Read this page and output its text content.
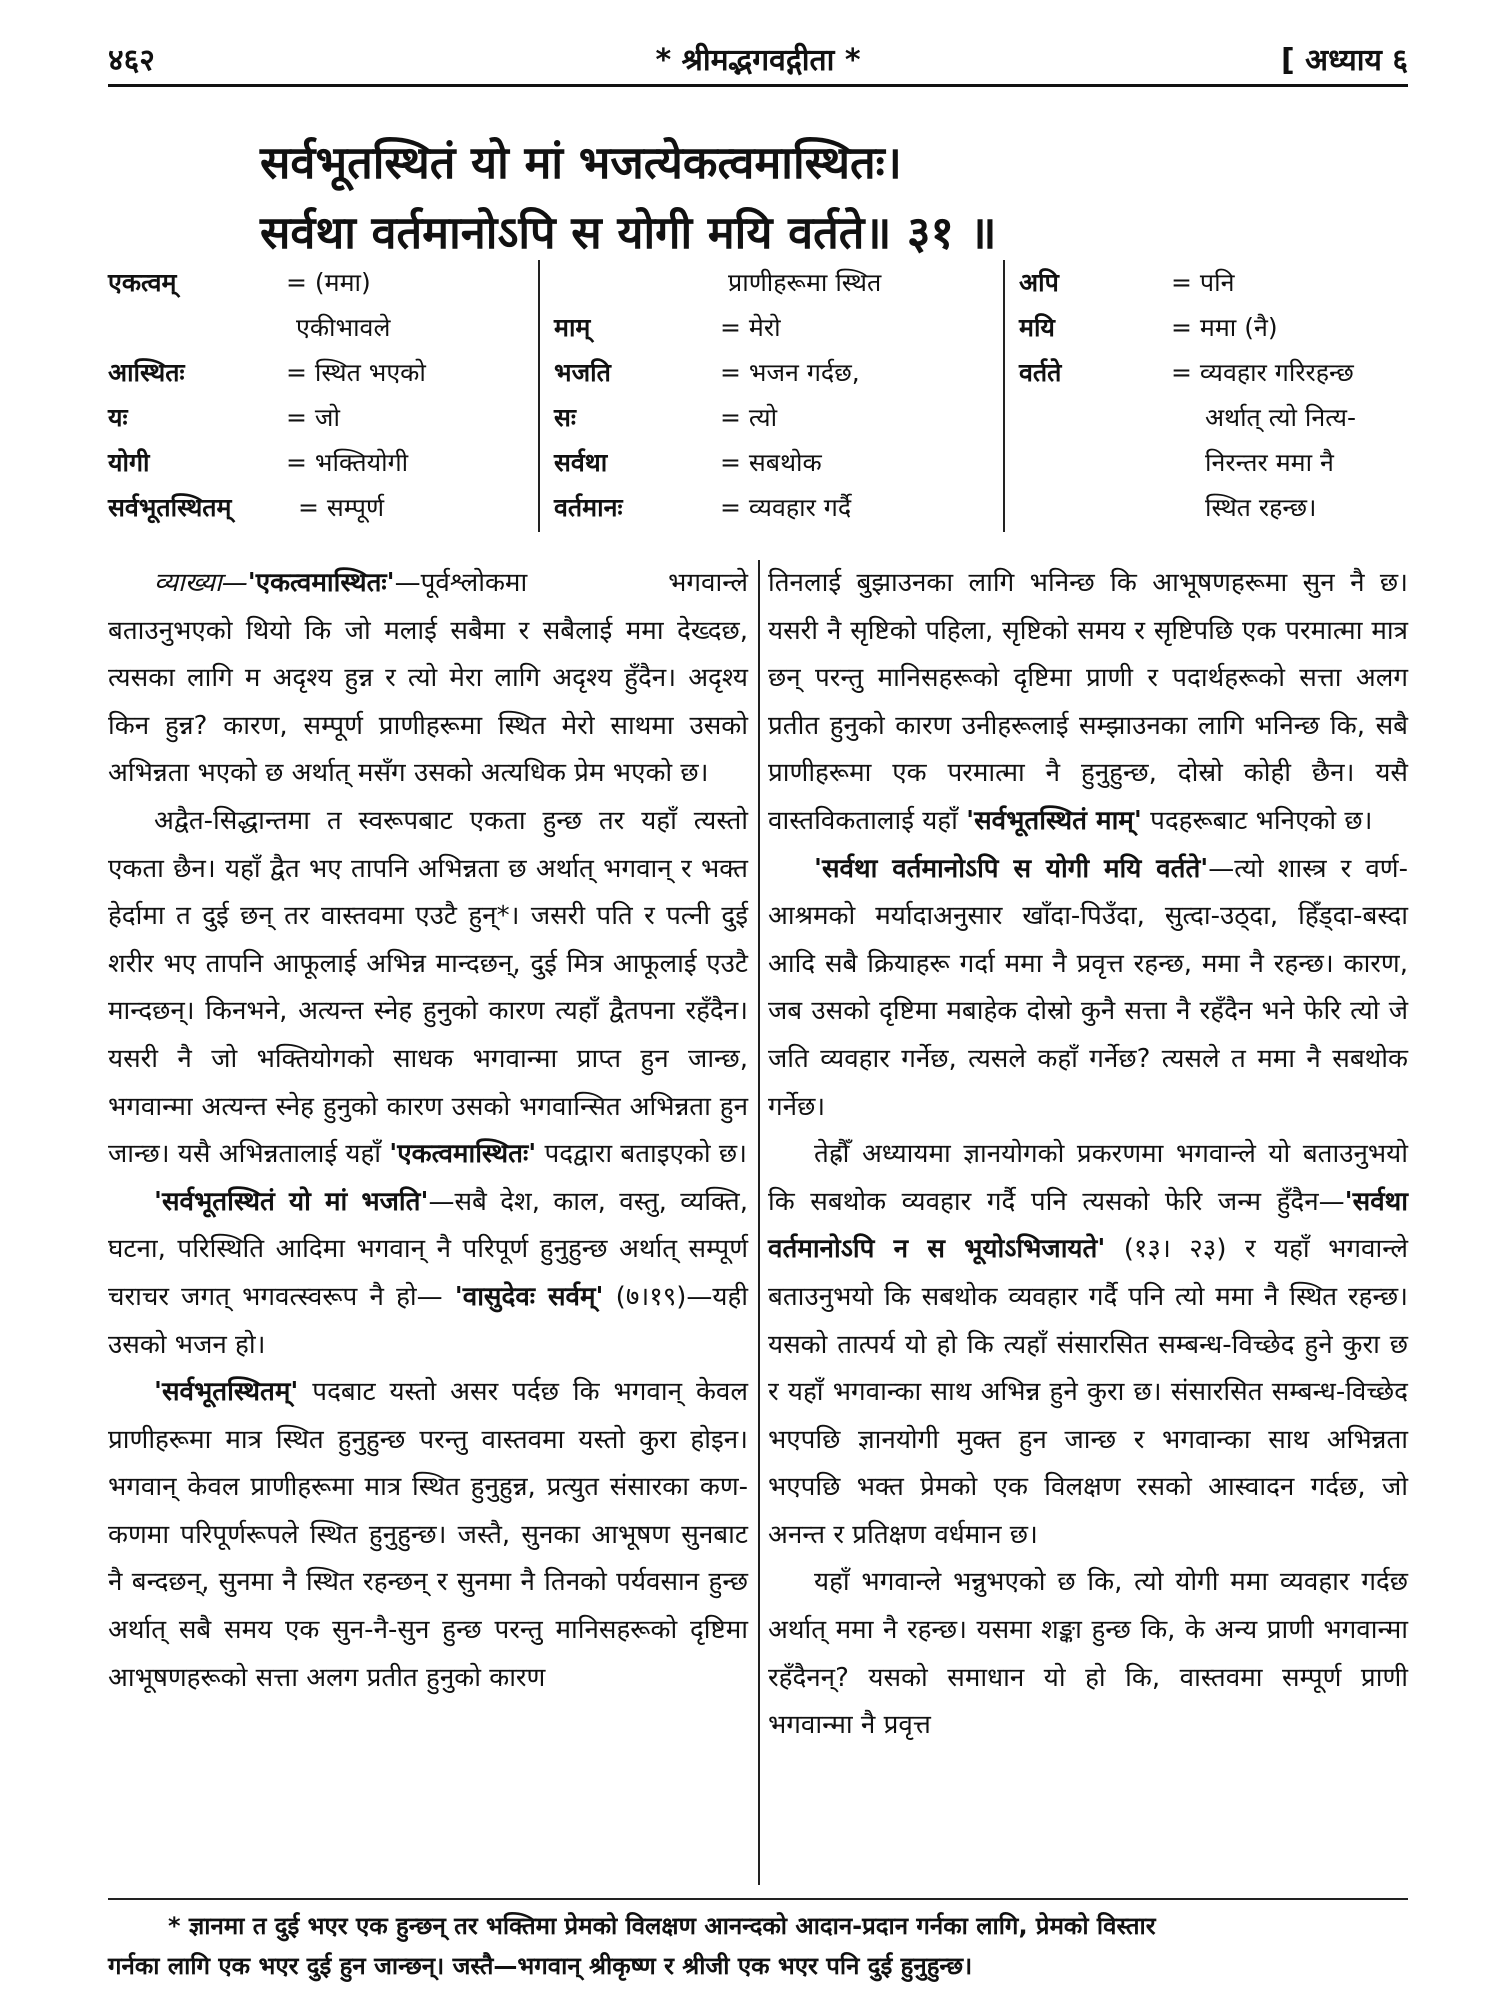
४६२	* श्रीमद्भगवद्गीता *	[ अध्याय ६
सर्वभूतस्थितं यो मां भजत्येकत्वमास्थितः।
सर्वथा वर्तमानोऽपि स योगी मयि वर्तते॥ ३१ ॥
एकत्वम्	= (ममा)
एकीभावले
आस्थितः	= स्थित भएको
यः	= जो
योगी	= भक्तियोगी
सर्वभूतस्थितम्	= सम्पूर्ण
प्राणीहरूमा स्थित
माम्	= मेरो
भजति	= भजन गर्दछ,
सः	= त्यो
सर्वथा	= सबथोक
वर्तमानः	= व्यवहार गर्दै
अपि	= पनि
मयि	= ममा (नै)
वर्तते	= व्यवहार गरिरहन्छ
अर्थात् त्यो नित्य-
निरन्तर ममा नै
स्थित रहन्छ।

व्याख्या—'एकत्वमास्थितः'—पूर्वश्लोकमा भगवान्ले बताउनुभएको थियो कि जो मलाई सबैमा र सबैलाई ममा देख्दछ, त्यसका लागि म अदृश्य हुन्न र त्यो मेरा लागि अदृश्य हुँदैन। अदृश्य किन हुन्न? कारण, सम्पूर्ण प्राणीहरूमा स्थित मेरो साथमा उसको अभिन्नता भएको छ अर्थात् मसँग उसको अत्यधिक प्रेम भएको छ।

अद्वैत-सिद्धान्तमा त स्वरूपबाट एकता हुन्छ तर यहाँ त्यस्तो एकता छैन। यहाँ द्वैत भए तापनि अभिन्नता छ अर्थात् भगवान् र भक्त हेर्दामा त दुई छन् तर वास्तवमा एउटै हुन्*। जसरी पति र पत्नी दुई शरीर भए तापनि आफूलाई अभिन्न मान्दछन्, दुई मित्र आफूलाई एउटै मान्दछन्। किनभने, अत्यन्त स्नेह हुनुको कारण त्यहाँ द्वैतपना रहँदैन। यसरी नै जो भक्तियोगको साधक भगवान्मा प्राप्त हुन जान्छ, भगवान्मा अत्यन्त स्नेह हुनुको कारण उसको भगवान्सित अभिन्नता हुन जान्छ। यसै अभिन्नतालाई यहाँ 'एकत्वमास्थितः' पदद्वारा बताइएको छ।

'सर्वभूतस्थितं यो मां भजति'—सबै देश, काल, वस्तु, व्यक्ति, घटना, परिस्थिति आदिमा भगवान् नै परिपूर्ण हुनुहुन्छ अर्थात् सम्पूर्ण चराचर जगत् भगवत्स्वरूप नै हो— 'वासुदेवः सर्वम्' (७।१९)—यही उसको भजन हो।

'सर्वभूतस्थितम्' पदबाट यस्तो असर पर्दछ कि भगवान् केवल प्राणीहरूमा मात्र स्थित हुनुहुन्छ परन्तु वास्तवमा यस्तो कुरा होइन। भगवान् केवल प्राणीहरूमा मात्र स्थित हुनुहुन्न, प्रत्युत संसारका कण-कणमा परिपूर्णरूपले स्थित हुनुहुन्छ। जस्तै, सुनका आभूषण सुनबाट नै बन्दछन्, सुनमा नै स्थित रहन्छन् र सुनमा नै तिनको पर्यवसान हुन्छ अर्थात् सबै समय एक सुन-नै-सुन हुन्छ परन्तु मानिसहरूको दृष्टिमा आभूषणहरूको सत्ता अलग प्रतीत हुनुको कारण

तिनलाई बुझाउनका लागि भनिन्छ कि आभूषणहरूमा सुन नै छ। यसरी नै सृष्टिको पहिला, सृष्टिको समय र सृष्टिपछि एक परमात्मा मात्र छन् परन्तु मानिसहरूको दृष्टिमा प्राणी र पदार्थहरूको सत्ता अलग प्रतीत हुनुको कारण उनीहरूलाई सम्झाउनका लागि भनिन्छ कि, सबै प्राणीहरूमा एक परमात्मा नै हुनुहुन्छ, दोस्रो कोही छैन। यसै वास्तविकतालाई यहाँ 'सर्वभूतस्थितं माम्' पदहरूबाट भनिएको छ।

'सर्वथा वर्तमानोऽपि स योगी मयि वर्तते'—त्यो शास्त्र र वर्ण-आश्रमको मर्यादाअनुसार खाँदा-पिउँदा, सुत्दा-उठ्दा, हिँड्दा-बस्दा आदि सबै क्रियाहरू गर्दा ममा नै प्रवृत्त रहन्छ, ममा नै रहन्छ। कारण, जब उसको दृष्टिमा मबाहेक दोस्रो कुनै सत्ता नै रहँदैन भने फेरि त्यो जे जति व्यवहार गर्नेछ, त्यसले कहाँ गर्नेछ? त्यसले त ममा नै सबथोक गर्नेछ।

तेह्रौँ अध्यायमा ज्ञानयोगको प्रकरणमा भगवान्ले यो बताउनुभयो कि सबथोक व्यवहार गर्दै पनि त्यसको फेरि जन्म हुँदैन—'सर्वथा वर्तमानोऽपि न स भूयोऽभिजायते' (१३। २३) र यहाँ भगवान्ले बताउनुभयो कि सबथोक व्यवहार गर्दै पनि त्यो ममा नै स्थित रहन्छ। यसको तात्पर्य यो हो कि त्यहाँ संसारसित सम्बन्ध-विच्छेद हुने कुरा छ र यहाँ भगवान्का साथ अभिन्न हुने कुरा छ। संसारसित सम्बन्ध-विच्छेद भएपछि ज्ञानयोगी मुक्त हुन जान्छ र भगवान्का साथ अभिन्नता भएपछि भक्त प्रेमको एक विलक्षण रसको आस्वादन गर्दछ, जो अनन्त र प्रतिक्षण वर्धमान छ।

यहाँ भगवान्ले भन्नुभएको छ कि, त्यो योगी ममा व्यवहार गर्दछ अर्थात् ममा नै रहन्छ। यसमा शङ्का हुन्छ कि, के अन्य प्राणी भगवान्मा रहँदैनन्? यसको समाधान यो हो कि, वास्तवमा सम्पूर्ण प्राणी भगवान्मा नै प्रवृत्त

* ज्ञानमा त दुई भएर एक हुन्छन् तर भक्तिमा प्रेमको विलक्षण आनन्दको आदान-प्रदान गर्नका लागि, प्रेमको विस्तार
गर्नका लागि एक भएर दुई हुन जान्छन्। जस्तै—भगवान् श्रीकृष्ण र श्रीजी एक भएर पनि दुई हुनुहुन्छ।
